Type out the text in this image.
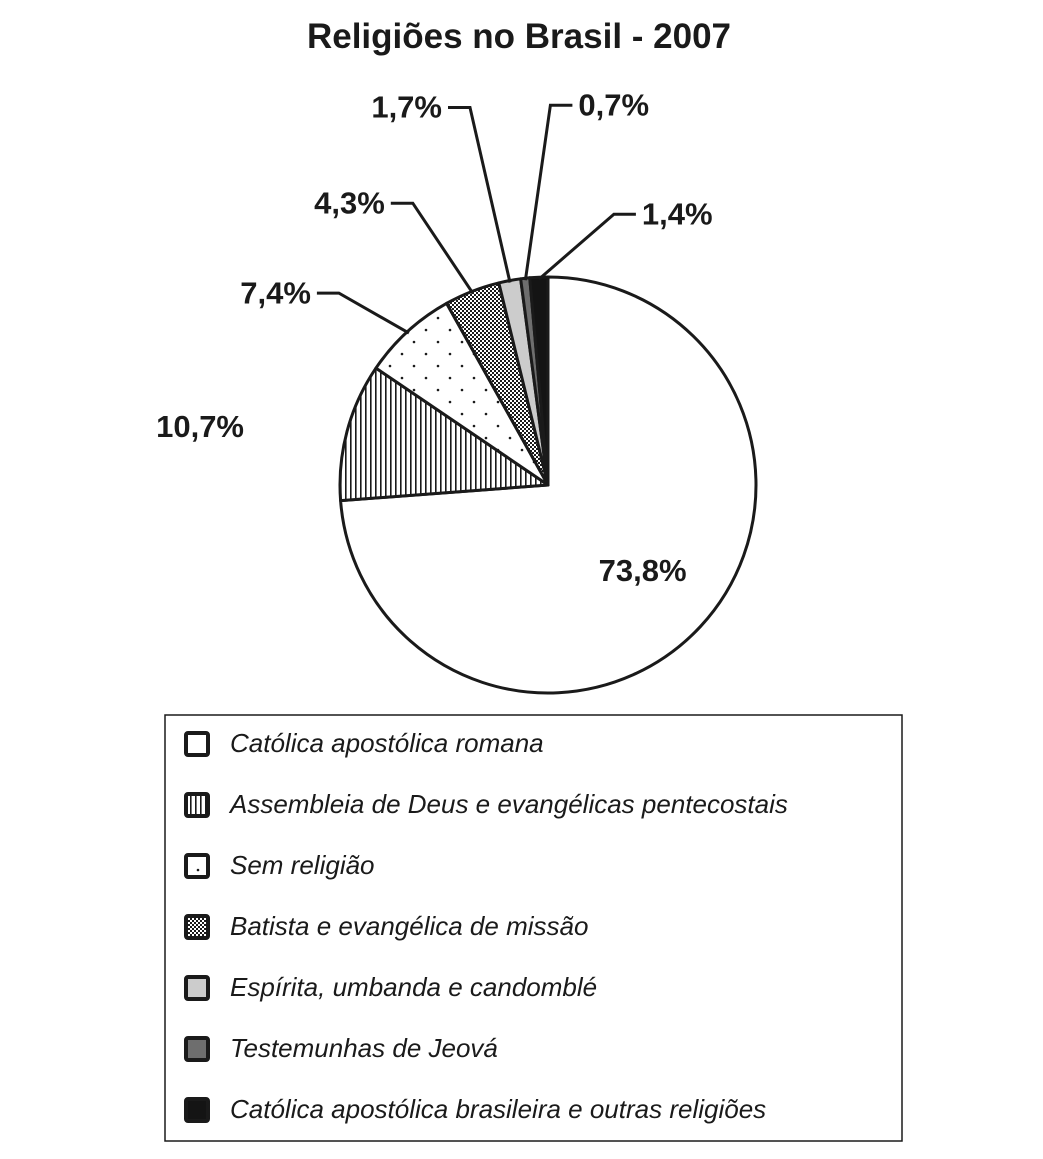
Religiões no Brasil - 2007
73,8%
10,7%
7,4%
4,3%
1,7%	0,7%
1,4%
Católica apostólica romana
Assembleia de Deus e evangélicas pentecostais
Sem religião
Batista e evangélica de missão
Espírita, umbanda e candomblé
Testemunhas de Jeová
Católica apostólica brasileira e outras religiões
